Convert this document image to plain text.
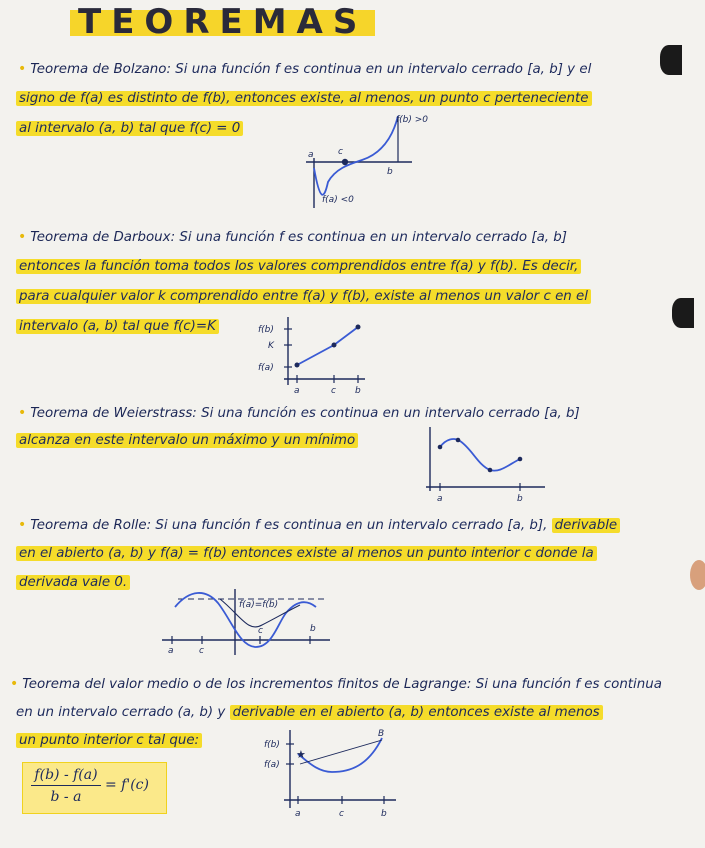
TEOREMAS
• Teorema de Bolzano: Si una función f es continua en un intervalo cerrado [a, b] y el
signo de f(a) es distinto de f(b), entonces existe, al menos, un punto c perteneciente
al intervalo (a, b) tal que f(c) = 0
f(b) >0
a	c
b
f(a) <0
• Teorema de Darboux: Si una función f es continua en un intervalo cerrado [a, b]
entonces la función toma todos los valores comprendidos entre f(a) y f(b). Es decir,
para cualquier valor k comprendido entre f(a) y f(b), existe al menos un valor c en el
intervalo (a, b) tal que f(c)=K	f(b)
K
f(a)
a	c b
• Teorema de Weierstrass: Si una función es continua en un intervalo cerrado [a, b]
alcanza en este intervalo un máximo y un mínimo
a	b
• Teorema de Rolle: Si una función f es continua en un intervalo cerrado [a, b], derivable
en el abierto (a, b) y f(a) = f(b) entonces existe al menos un punto interior c donde la
derivada vale 0.
f(a)=f(b)
a	c
c	b
• Teorema del valor medio o de los incrementos finitos de Lagrange: Si una función f es continua
en un intervalo cerrado (a, b) y derivable en el abierto (a, b) entonces existe al menos
un punto interior c tal que:
$\frac{f(b) - f(a)}{b - a} = f'(c)$
★
f(b)
f(a)
B
a	c	b
